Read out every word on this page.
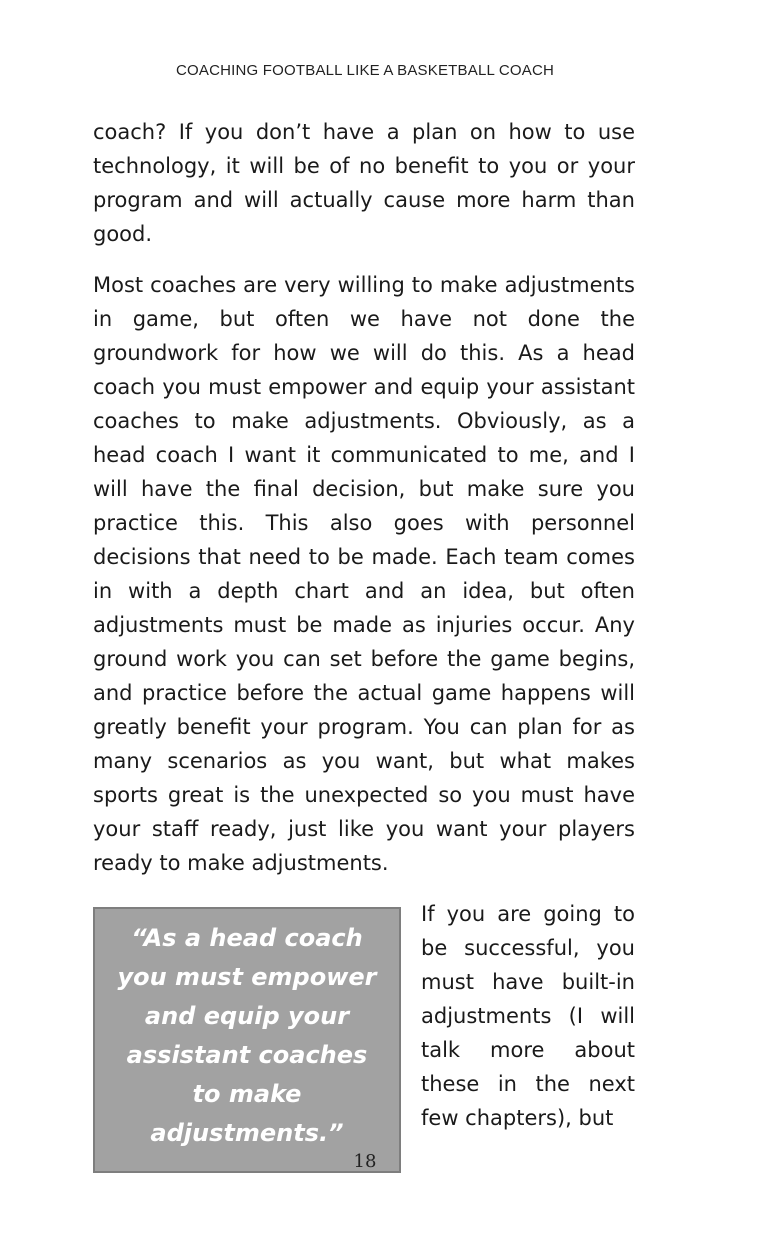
COACHING FOOTBALL LIKE A BASKETBALL COACH

coach? If you don’t have a plan on how to use technology, it will be of no benefit to you or your program and will actually cause more harm than good.

Most coaches are very willing to make adjustments in game, but often we have not done the groundwork for how we will do this. As a head coach you must empower and equip your assistant coaches to make adjustments. Obviously, as a head coach I want it communicated to me, and I will have the final decision, but make sure you practice this. This also goes with personnel decisions that need to be made. Each team comes in with a depth chart and an idea, but often adjustments must be made as injuries occur. Any ground work you can set before the game begins, and practice before the actual game happens will greatly benefit your program. You can plan for as many scenarios as you want, but what makes sports great is the unexpected so you must have your staff ready, just like you want your players ready to make adjustments.

“As a head coach you must empower and equip your assistant coaches to make adjustments.”
If you are going to be successful, you must have built-in adjustments (I will talk more about these in the next few chapters), but
18
